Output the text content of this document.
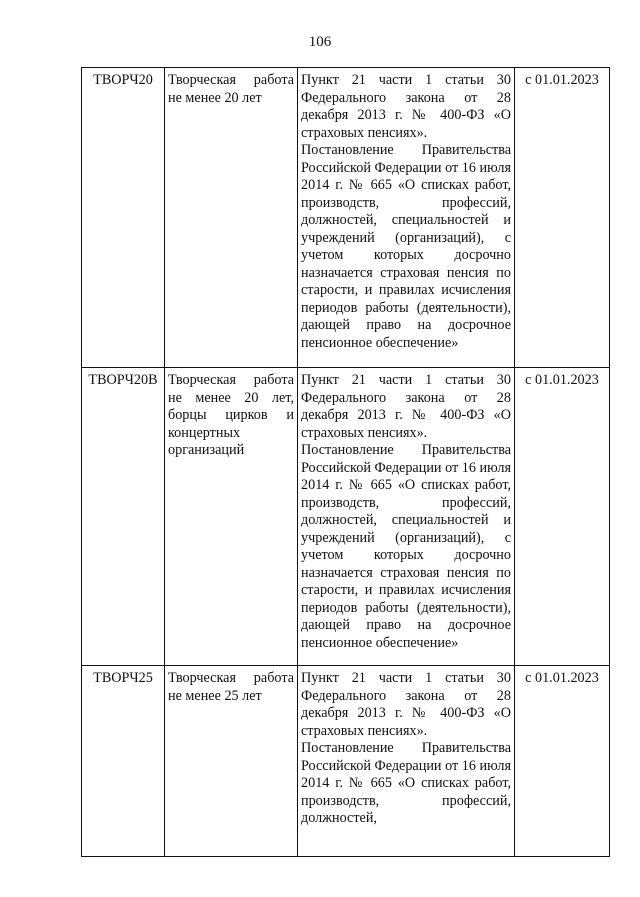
106
ТВОРЧ20	Творческая работа не менее 20 лет	Пункт 21 части 1 статьи 30 Федерального закона от 28 декабря 2013 г. № 400-ФЗ «О страховых пенсиях».

Постановление Правительства Российской Федерации от 16 июля 2014 г. № 665 «О списках работ, производств, профессий, должностей, специальностей и учреждений (организаций), с учетом которых досрочно назначается страховая пенсия по старости, и правилах исчисления периодов работы (деятельности), дающей право на досрочное пенсионное обеспечение»	с 01.01.2023
ТВОРЧ20В	Творческая работа не менее 20 лет, борцы цирков и концертных организаций	Пункт 21 части 1 статьи 30 Федерального закона от 28 декабря 2013 г. № 400-ФЗ «О страховых пенсиях».

Постановление Правительства Российской Федерации от 16 июля 2014 г. № 665 «О списках работ, производств, профессий, должностей, специальностей и учреждений (организаций), с учетом которых досрочно назначается страховая пенсия по старости, и правилах исчисления периодов работы (деятельности), дающей право на досрочное пенсионное обеспечение»	с 01.01.2023
ТВОРЧ25	Творческая работа не менее 25 лет	Пункт 21 части 1 статьи 30 Федерального закона от 28 декабря 2013 г. № 400-ФЗ «О страховых пенсиях».

Постановление Правительства Российской Федерации от 16 июля 2014 г. № 665 «О списках работ, производств, профессий, должностей,	с 01.01.2023
